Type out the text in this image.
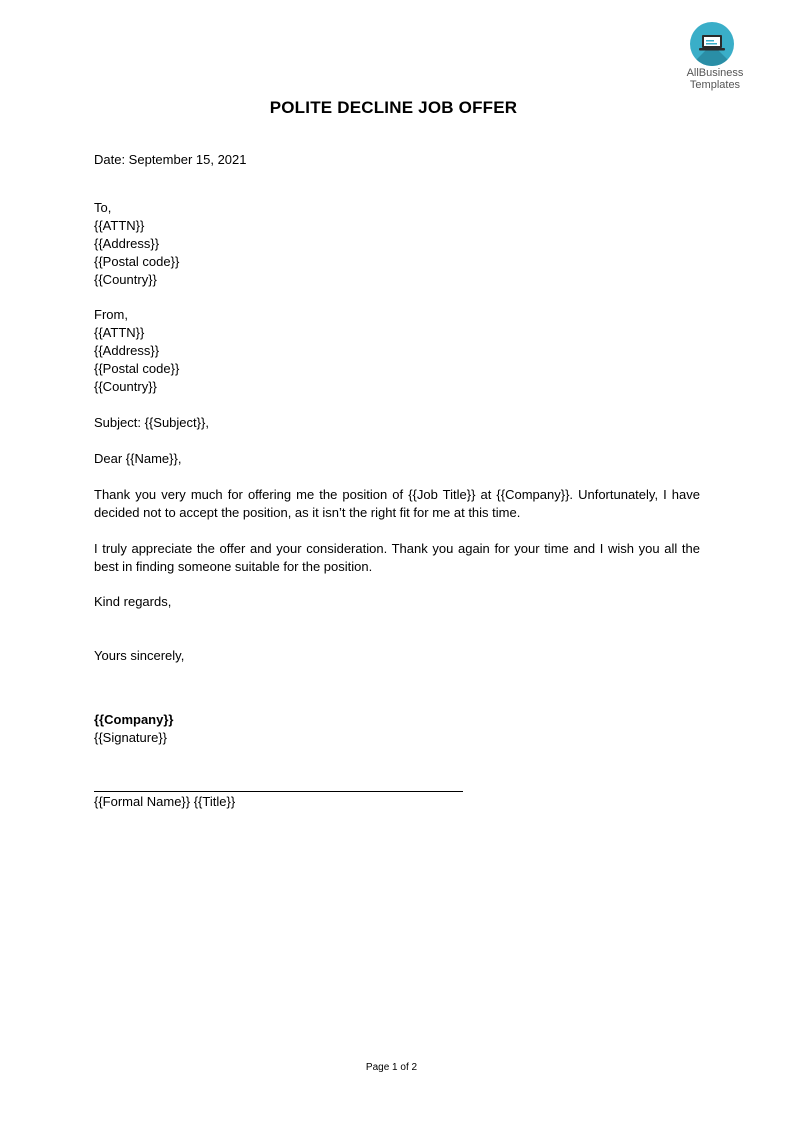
AllBusiness
Templates
POLITE DECLINE JOB OFFER
Date: September 15, 2021
To,
{{ATTN}}
{{Address}}
{{Postal code}}
{{Country}}
From,
{{ATTN}}
{{Address}}
{{Postal code}}
{{Country}}
Subject: {{Subject}},
Dear {{Name}},
Thank you very much for offering me the position of {{Job Title}} at {{Company}}. Unfortunately, I have decided not to accept the position, as it isn’t the right fit for me at this time.
I truly appreciate the offer and your consideration. Thank you again for your time and I wish you all the best in finding someone suitable for the position.
Kind regards,
Yours sincerely,
{{Company}}
{{Signature}}
{{Formal Name}} {{Title}}
Page 1 of 2
